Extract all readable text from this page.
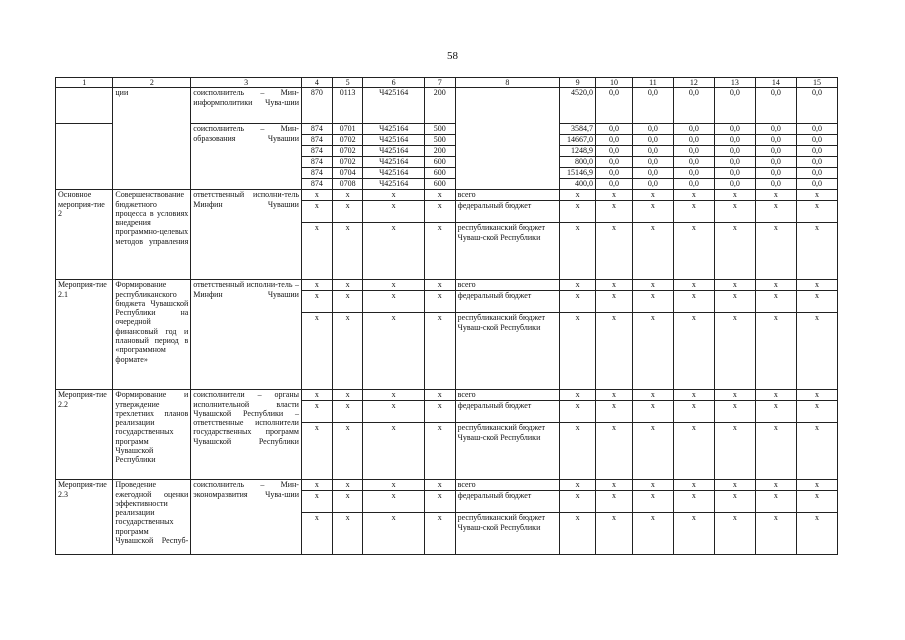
58
1	2	3	4	5	6	7	8	9	10	11	12	13	14	15
	ции	соисполнитель – Мин-информполитики Чува-шии	870	0113	Ч425164	200		4520,0	0,0	0,0	0,0	0,0	0,0	0,0
		соисполнитель – Мин-образования Чувашии	874	0701	Ч425164	500		3584,7	0,0	0,0	0,0	0,0	0,0	0,0
			874	0702	Ч425164	500		14667,0	0,0	0,0	0,0	0,0	0,0	0,0
			874	0702	Ч425164	200		1248,9	0,0	0,0	0,0	0,0	0,0	0,0
			874	0702	Ч425164	600		800,0	0,0	0,0	0,0	0,0	0,0	0,0
			874	0704	Ч425164	600		15146,9	0,0	0,0	0,0	0,0	0,0	0,0
			874	0708	Ч425164	600		400,0	0,0	0,0	0,0	0,0	0,0	0,0
Основное мероприя-тие 2	Совершенствование бюджетного процесса в условиях внедрения программно-целевых методов управления	ответственный исполни-тель Минфин Чувашии	x	x	x	x	всего	x	x	x	x	x	x	x
			x	x	x	x	федеральный бюджет	x	x	x	x	x	x	x
			x	x	x	x	республиканский бюджет Чуваш-ской Республики	x	x	x	x	x	x	x
Мероприя-тие 2.1	Формирование республиканского бюджета Чувашской Республики на очередной финансовый год и плановый период в «программном формате»	ответственный исполни-тель – Минфин Чувашии	x	x	x	x	всего	x	x	x	x	x	x	x
			x	x	x	x	федеральный бюджет	x	x	x	x	x	x	x
			x	x	x	x	республиканский бюджет Чуваш-ской Республики	x	x	x	x	x	x	x
Мероприя-тие 2.2	Формирование и утверждение трехлетних планов реализации государственных программ Чувашской Республики	соисполнители – органы исполнительной власти Чувашской Республики – ответственные исполнители государственных программ Чувашской Республики	x	x	x	x	всего	x	x	x	x	x	x	x
			x	x	x	x	федеральный бюджет	x	x	x	x	x	x	x
			x	x	x	x	республиканский бюджет Чуваш-ской Республики	x	x	x	x	x	x	x
Мероприя-тие 2.3	Проведение ежегодной оценки эффективности реализации государственных программ Чувашской Респуб-	соисполнитель – Мин-экономразвития Чува-шии	x	x	x	x	всего	x	x	x	x	x	x	x
			x	x	x	x	федеральный бюджет	x	x	x	x	x	x	x
			x	x	x	x	республиканский бюджет Чуваш-ской Республики	x	x	x	x	x	x	x
